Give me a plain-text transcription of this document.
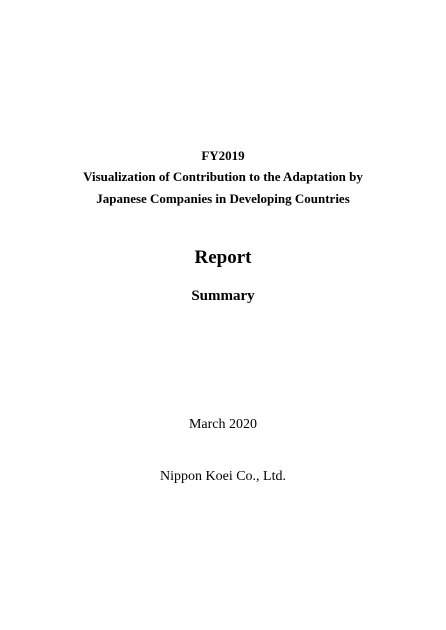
FY2019
Visualization of Contribution to the Adaptation by
Japanese Companies in Developing Countries
Report
Summary
March 2020
Nippon Koei Co., Ltd.
